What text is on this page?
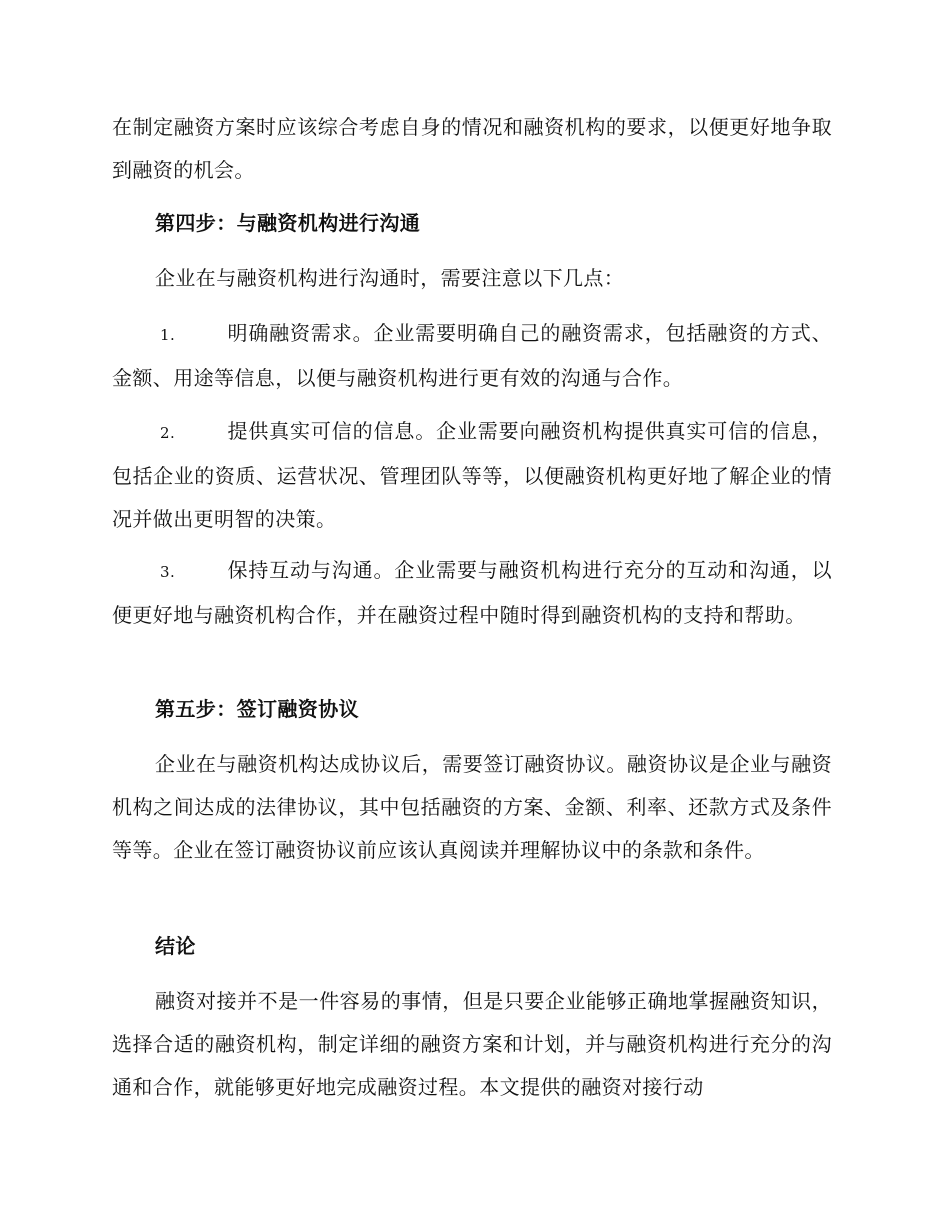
在制定融资方案时应该综合考虑自身的情况和融资机构的要求，以便更好地争取到融资的机会。

第四步：与融资机构进行沟通

企业在与融资机构进行沟通时，需要注意以下几点：

1.	明确融资需求。企业需要明确自己的融资需求，包括融资的方式、金额、用途等信息，以便与融资机构进行更有效的沟通与合作。

2.	提供真实可信的信息。企业需要向融资机构提供真实可信的信息，包括企业的资质、运营状况、管理团队等等，以便融资机构更好地了解企业的情况并做出更明智的决策。

3.	保持互动与沟通。企业需要与融资机构进行充分的互动和沟通，以便更好地与融资机构合作，并在融资过程中随时得到融资机构的支持和帮助。

第五步：签订融资协议

企业在与融资机构达成协议后，需要签订融资协议。融资协议是企业与融资机构之间达成的法律协议，其中包括融资的方案、金额、利率、还款方式及条件等等。企业在签订融资协议前应该认真阅读并理解协议中的条款和条件。

结论

融资对接并不是一件容易的事情，但是只要企业能够正确地掌握融资知识，选择合适的融资机构，制定详细的融资方案和计划，并与融资机构进行充分的沟通和合作，就能够更好地完成融资过程。本文提供的融资对接行动
